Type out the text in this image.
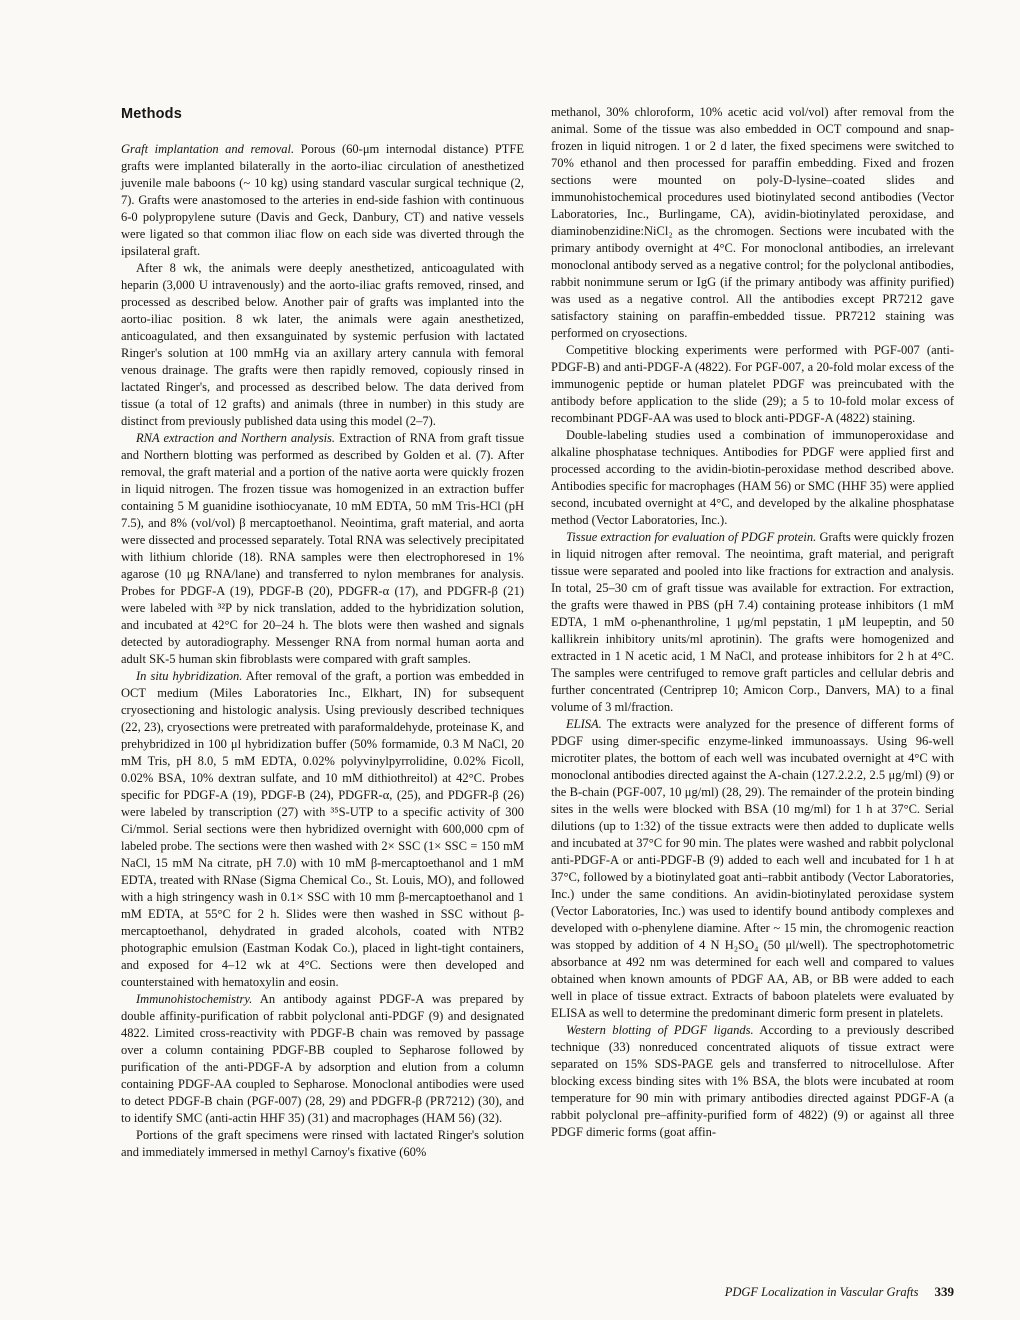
Methods

Graft implantation and removal. Porous (60-μm internodal distance) PTFE grafts were implanted bilaterally in the aorto-iliac circulation of anesthetized juvenile male baboons (~ 10 kg) using standard vascular surgical technique (2, 7). Grafts were anastomosed to the arteries in end-side fashion with continuous 6-0 polypropylene suture (Davis and Geck, Danbury, CT) and native vessels were ligated so that common iliac flow on each side was diverted through the ipsilateral graft.

After 8 wk, the animals were deeply anesthetized, anticoagulated with heparin (3,000 U intravenously) and the aorto-iliac grafts removed, rinsed, and processed as described below. Another pair of grafts was implanted into the aorto-iliac position. 8 wk later, the animals were again anesthetized, anticoagulated, and then exsanguinated by systemic perfusion with lactated Ringer's solution at 100 mmHg via an axillary artery cannula with femoral venous drainage. The grafts were then rapidly removed, copiously rinsed in lactated Ringer's, and processed as described below. The data derived from tissue (a total of 12 grafts) and animals (three in number) in this study are distinct from previously published data using this model (2–7).

RNA extraction and Northern analysis. Extraction of RNA from graft tissue and Northern blotting was performed as described by Golden et al. (7). After removal, the graft material and a portion of the native aorta were quickly frozen in liquid nitrogen. The frozen tissue was homogenized in an extraction buffer containing 5 M guanidine isothiocyanate, 10 mM EDTA, 50 mM Tris-HCl (pH 7.5), and 8% (vol/vol) β mercaptoethanol. Neointima, graft material, and aorta were dissected and processed separately. Total RNA was selectively precipitated with lithium chloride (18). RNA samples were then electrophoresed in 1% agarose (10 μg RNA/lane) and transferred to nylon membranes for analysis. Probes for PDGF-A (19), PDGF-B (20), PDGFR-α (17), and PDGFR-β (21) were labeled with ³²P by nick translation, added to the hybridization solution, and incubated at 42°C for 20–24 h. The blots were then washed and signals detected by autoradiography. Messenger RNA from normal human aorta and adult SK-5 human skin fibroblasts were compared with graft samples.

In situ hybridization. After removal of the graft, a portion was embedded in OCT medium (Miles Laboratories Inc., Elkhart, IN) for subsequent cryosectioning and histologic analysis. Using previously described techniques (22, 23), cryosections were pretreated with paraformaldehyde, proteinase K, and prehybridized in 100 μl hybridization buffer (50% formamide, 0.3 M NaCl, 20 mM Tris, pH 8.0, 5 mM EDTA, 0.02% polyvinylpyrrolidine, 0.02% Ficoll, 0.02% BSA, 10% dextran sulfate, and 10 mM dithiothreitol) at 42°C. Probes specific for PDGF-A (19), PDGF-B (24), PDGFR-α, (25), and PDGFR-β (26) were labeled by transcription (27) with ³⁵S-UTP to a specific activity of 300 Ci/mmol. Serial sections were then hybridized overnight with 600,000 cpm of labeled probe. The sections were then washed with 2× SSC (1× SSC = 150 mM NaCl, 15 mM Na citrate, pH 7.0) with 10 mM β-mercaptoethanol and 1 mM EDTA, treated with RNase (Sigma Chemical Co., St. Louis, MO), and followed with a high stringency wash in 0.1× SSC with 10 mm β-mercaptoethanol and 1 mM EDTA, at 55°C for 2 h. Slides were then washed in SSC without β-mercaptoethanol, dehydrated in graded alcohols, coated with NTB2 photographic emulsion (Eastman Kodak Co.), placed in light-tight containers, and exposed for 4–12 wk at 4°C. Sections were then developed and counterstained with hematoxylin and eosin.

Immunohistochemistry. An antibody against PDGF-A was prepared by double affinity-purification of rabbit polyclonal anti-PDGF (9) and designated 4822. Limited cross-reactivity with PDGF-B chain was removed by passage over a column containing PDGF-BB coupled to Sepharose followed by purification of the anti-PDGF-A by adsorption and elution from a column containing PDGF-AA coupled to Sepharose. Monoclonal antibodies were used to detect PDGF-B chain (PGF-007) (28, 29) and PDGFR-β (PR7212) (30), and to identify SMC (anti-actin HHF 35) (31) and macrophages (HAM 56) (32).

Portions of the graft specimens were rinsed with lactated Ringer's solution and immediately immersed in methyl Carnoy's fixative (60%

methanol, 30% chloroform, 10% acetic acid vol/vol) after removal from the animal. Some of the tissue was also embedded in OCT compound and snap-frozen in liquid nitrogen. 1 or 2 d later, the fixed specimens were switched to 70% ethanol and then processed for paraffin embedding. Fixed and frozen sections were mounted on poly-D-lysine–coated slides and immunohistochemical procedures used biotinylated second antibodies (Vector Laboratories, Inc., Burlingame, CA), avidin-biotinylated peroxidase, and diaminobenzidine:NiCl₂ as the chromogen. Sections were incubated with the primary antibody overnight at 4°C. For monoclonal antibodies, an irrelevant monoclonal antibody served as a negative control; for the polyclonal antibodies, rabbit nonimmune serum or IgG (if the primary antibody was affinity purified) was used as a negative control. All the antibodies except PR7212 gave satisfactory staining on paraffin-embedded tissue. PR7212 staining was performed on cryosections.

Competitive blocking experiments were performed with PGF-007 (anti-PDGF-B) and anti-PDGF-A (4822). For PGF-007, a 20-fold molar excess of the immunogenic peptide or human platelet PDGF was preincubated with the antibody before application to the slide (29); a 5 to 10-fold molar excess of recombinant PDGF-AA was used to block anti-PDGF-A (4822) staining.

Double-labeling studies used a combination of immunoperoxidase and alkaline phosphatase techniques. Antibodies for PDGF were applied first and processed according to the avidin-biotin-peroxidase method described above. Antibodies specific for macrophages (HAM 56) or SMC (HHF 35) were applied second, incubated overnight at 4°C, and developed by the alkaline phosphatase method (Vector Laboratories, Inc.).

Tissue extraction for evaluation of PDGF protein. Grafts were quickly frozen in liquid nitrogen after removal. The neointima, graft material, and perigraft tissue were separated and pooled into like fractions for extraction and analysis. In total, 25–30 cm of graft tissue was available for extraction. For extraction, the grafts were thawed in PBS (pH 7.4) containing protease inhibitors (1 mM EDTA, 1 mM o-phenanthroline, 1 μg/ml pepstatin, 1 μM leupeptin, and 50 kallikrein inhibitory units/ml aprotinin). The grafts were homogenized and extracted in 1 N acetic acid, 1 M NaCl, and protease inhibitors for 2 h at 4°C. The samples were centrifuged to remove graft particles and cellular debris and further concentrated (Centriprep 10; Amicon Corp., Danvers, MA) to a final volume of 3 ml/fraction.

ELISA. The extracts were analyzed for the presence of different forms of PDGF using dimer-specific enzyme-linked immunoassays. Using 96-well microtiter plates, the bottom of each well was incubated overnight at 4°C with monoclonal antibodies directed against the A-chain (127.2.2.2, 2.5 μg/ml) (9) or the B-chain (PGF-007, 10 μg/ml) (28, 29). The remainder of the protein binding sites in the wells were blocked with BSA (10 mg/ml) for 1 h at 37°C. Serial dilutions (up to 1:32) of the tissue extracts were then added to duplicate wells and incubated at 37°C for 90 min. The plates were washed and rabbit polyclonal anti-PDGF-A or anti-PDGF-B (9) added to each well and incubated for 1 h at 37°C, followed by a biotinylated goat anti–rabbit antibody (Vector Laboratories, Inc.) under the same conditions. An avidin-biotinylated peroxidase system (Vector Laboratories, Inc.) was used to identify bound antibody complexes and developed with o-phenylene diamine. After ~ 15 min, the chromogenic reaction was stopped by addition of 4 N H₂SO₄ (50 μl/well). The spectrophotometric absorbance at 492 nm was determined for each well and compared to values obtained when known amounts of PDGF AA, AB, or BB were added to each well in place of tissue extract. Extracts of baboon platelets were evaluated by ELISA as well to determine the predominant dimeric form present in platelets.

Western blotting of PDGF ligands. According to a previously described technique (33) nonreduced concentrated aliquots of tissue extract were separated on 15% SDS-PAGE gels and transferred to nitrocellulose. After blocking excess binding sites with 1% BSA, the blots were incubated at room temperature for 90 min with primary antibodies directed against PDGF-A (a rabbit polyclonal pre–affinity-purified form of 4822) (9) or against all three PDGF dimeric forms (goat affin-

PDGF Localization in Vascular Grafts 339
